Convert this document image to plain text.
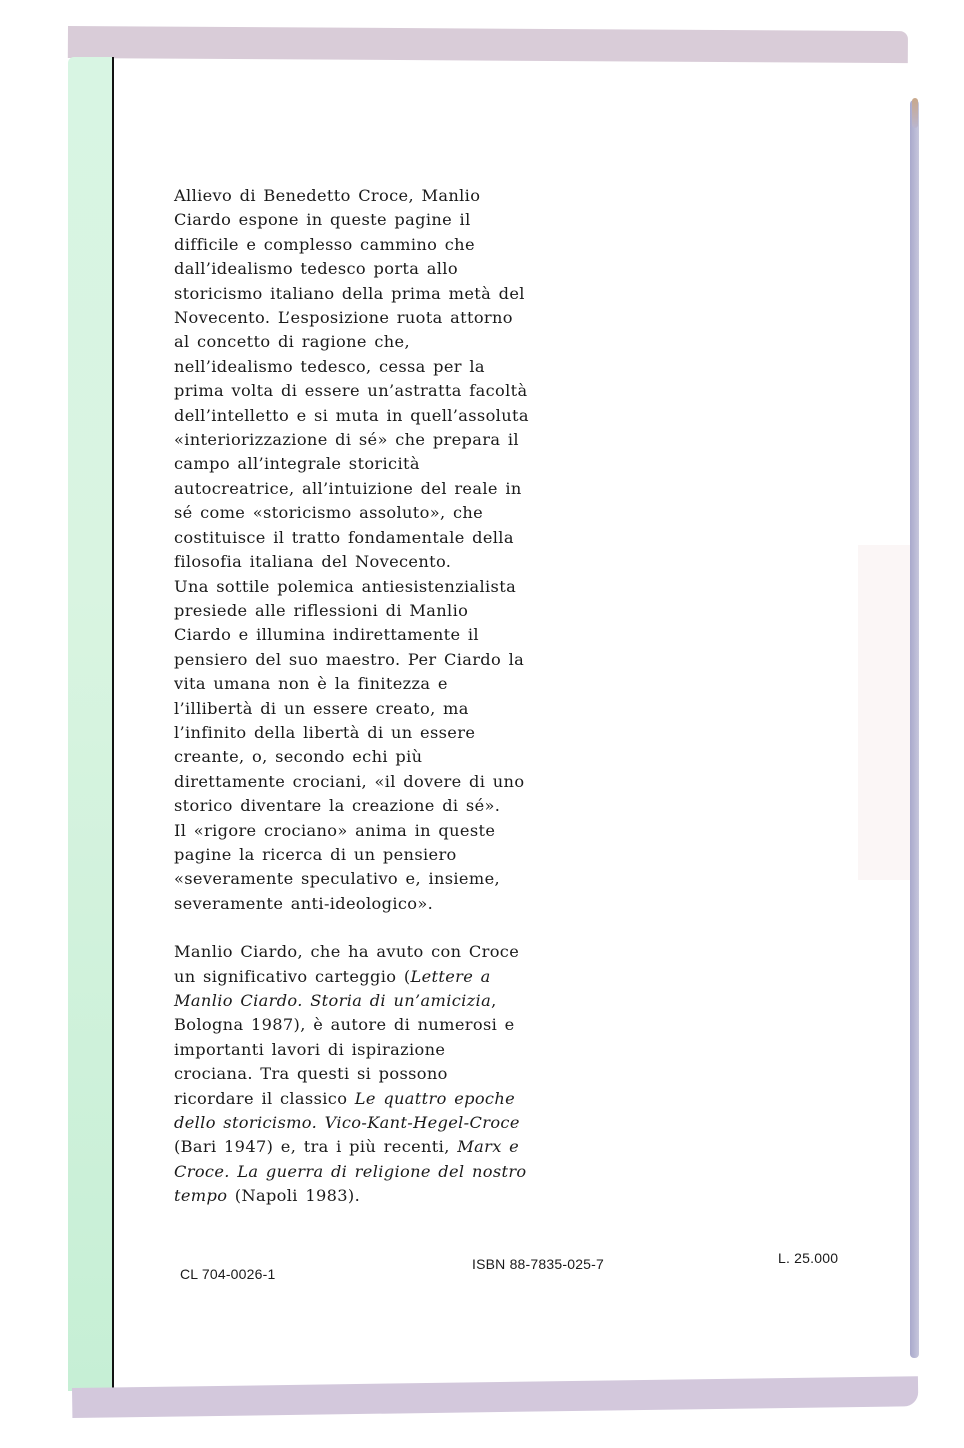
Allievo di Benedetto Croce, Manlio
Ciardo espone in queste pagine il
difficile e complesso cammino che
dall’idealismo tedesco porta allo
storicismo italiano della prima metà del
Novecento. L’esposizione ruota attorno
al concetto di ragione che,
nell’idealismo tedesco, cessa per la
prima volta di essere un’astratta facoltà
dell’intelletto e si muta in quell’assoluta
«interiorizzazione di sé» che prepara il
campo all’integrale storicità
autocreatrice, all’intuizione del reale in
sé come «storicismo assoluto», che
costituisce il tratto fondamentale della
filosofia italiana del Novecento.
Una sottile polemica antiesistenzialista
presiede alle riflessioni di Manlio
Ciardo e illumina indirettamente il
pensiero del suo maestro. Per Ciardo la
vita umana non è la finitezza e
l’illibertà di un essere creato, ma
l’infinito della libertà di un essere
creante, o, secondo echi più
direttamente crociani, «il dovere di uno
storico diventare la creazione di sé».
Il «rigore crociano» anima in queste
pagine la ricerca di un pensiero
«severamente speculativo e, insieme,
severamente anti-ideologico».

Manlio Ciardo, che ha avuto con Croce
un significativo carteggio (Lettere a
Manlio Ciardo. Storia di un’amicizia,
Bologna 1987), è autore di numerosi e
importanti lavori di ispirazione
crociana. Tra questi si possono
ricordare il classico Le quattro epoche
dello storicismo. Vico-Kant-Hegel-Croce
(Bari 1947) e, tra i più recenti, Marx e
Croce. La guerra di religione del nostro
tempo (Napoli 1983).

CL 704-0026-1
ISBN 88-7835-025-7	L. 25.000
